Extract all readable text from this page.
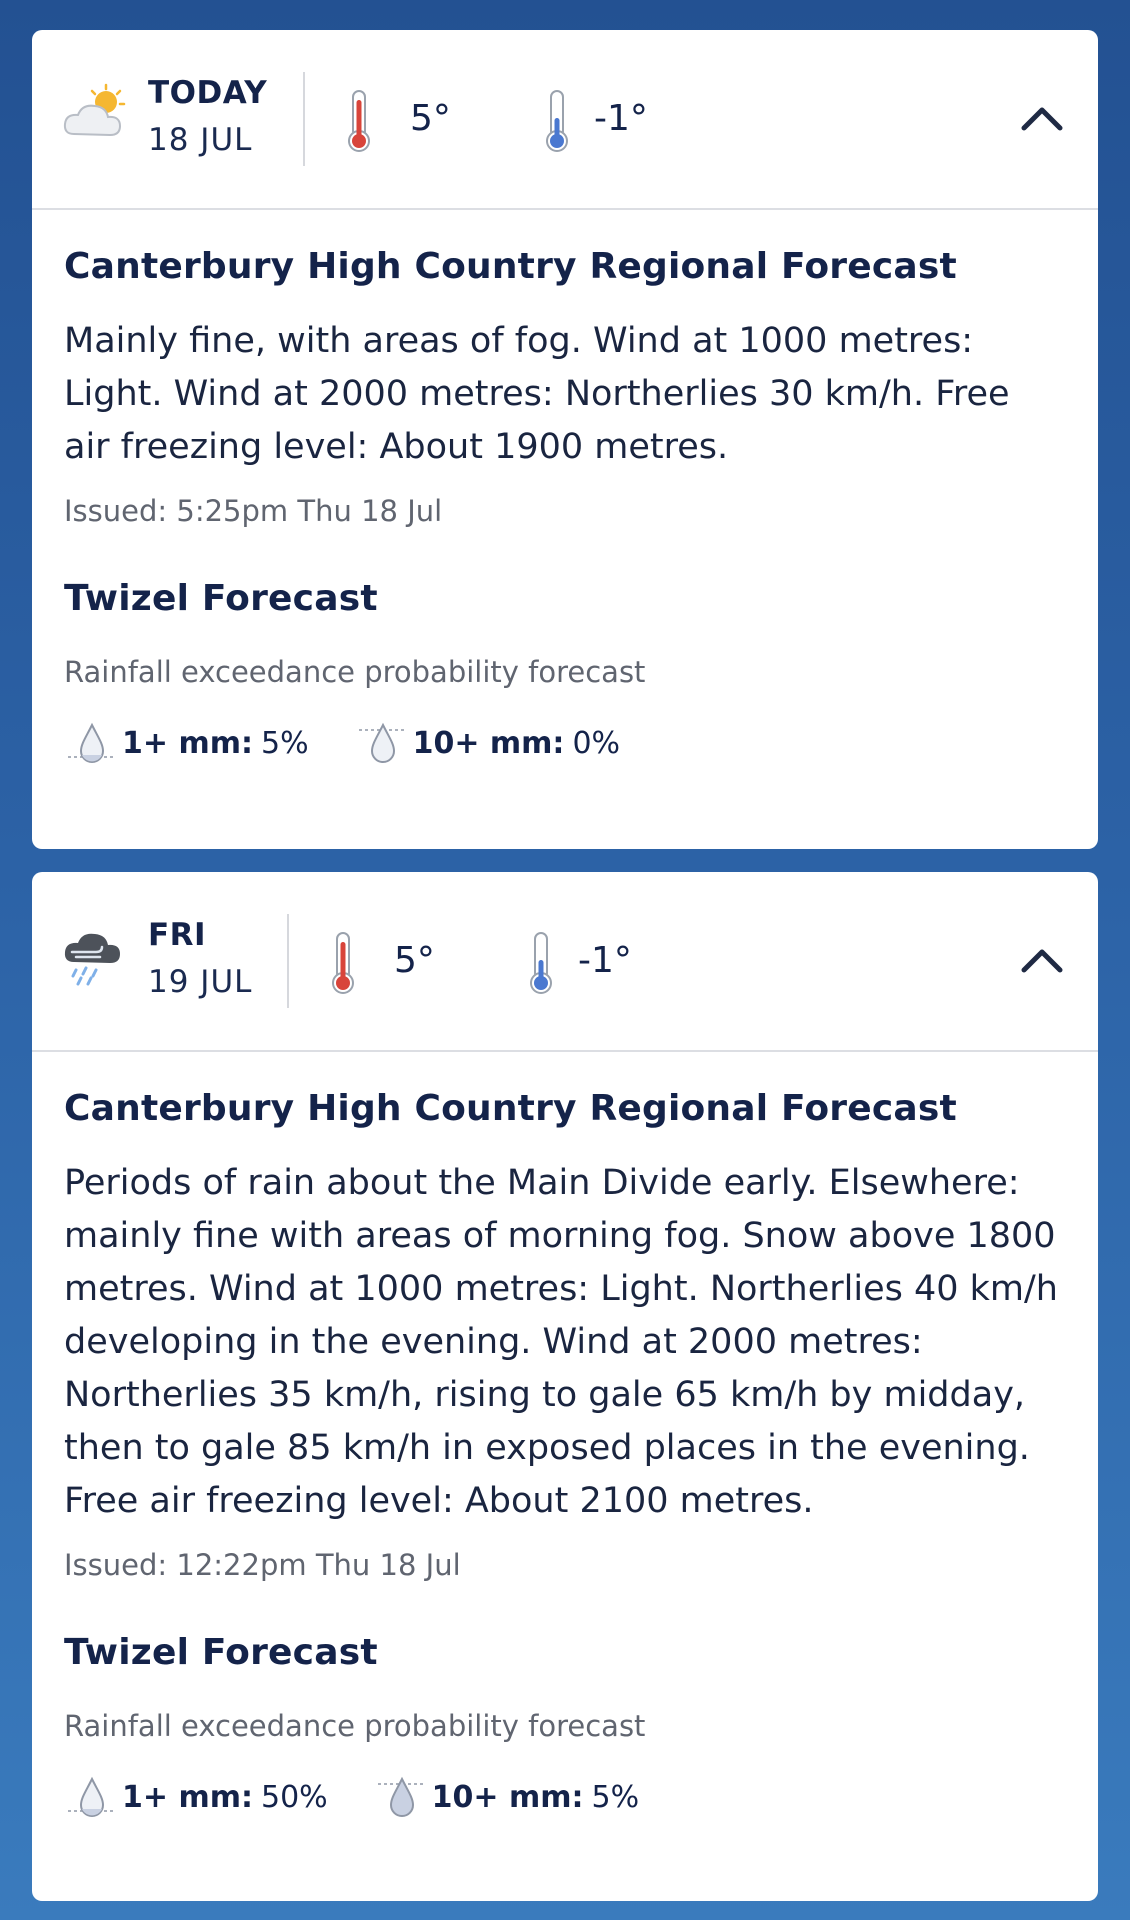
TODAY
18 JUL
5°	-1°
Canterbury High Country Regional Forecast
Mainly fine, with areas of fog. Wind at 1000 metres: Light. Wind at 2000 metres: Northerlies 30 km/h. Free air freezing level: About 1900 metres.
Issued: 5:25pm Thu 18 Jul
Twizel Forecast
Rainfall exceedance probability forecast
1+ mm: 5%	10+ mm: 0%
FRI
19 JUL
5°	-1°
Canterbury High Country Regional Forecast
Periods of rain about the Main Divide early. Elsewhere: mainly fine with areas of morning fog. Snow above 1800 metres. Wind at 1000 metres: Light. Northerlies 40 km/h developing in the evening. Wind at 2000 metres: Northerlies 35 km/h, rising to gale 65 km/h by midday, then to gale 85 km/h in exposed places in the evening. Free air freezing level: About 2100 metres.
Issued: 12:22pm Thu 18 Jul
Twizel Forecast
Rainfall exceedance probability forecast
1+ mm: 50%	10+ mm: 5%
